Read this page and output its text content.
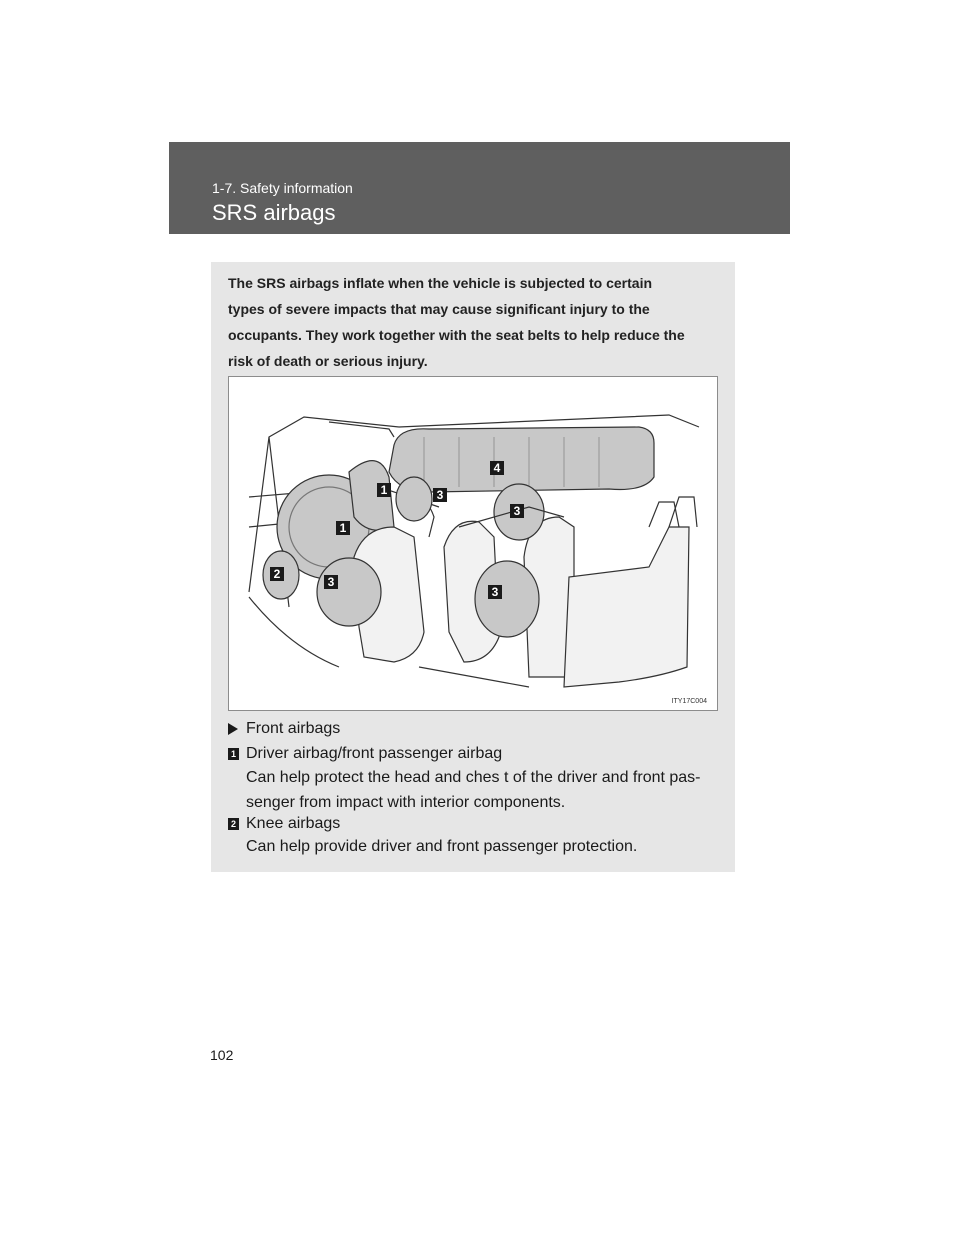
1-7. Safety information
SRS airbags
The SRS airbags inflate when the vehicle is subjected to certain
types of severe impacts that may cause significant injury to the
occupants. They work together with the seat belts to help reduce the
risk of death or serious injury.
1
1
2
3
3
3
3
4
ITY17C004
Front airbags
1 Driver airbag/front passenger airbag
Can help protect the head and ches t of the driver and front pas-
senger from impact with interior components.
2 Knee airbags
Can help provide driver and front passenger protection.
102
